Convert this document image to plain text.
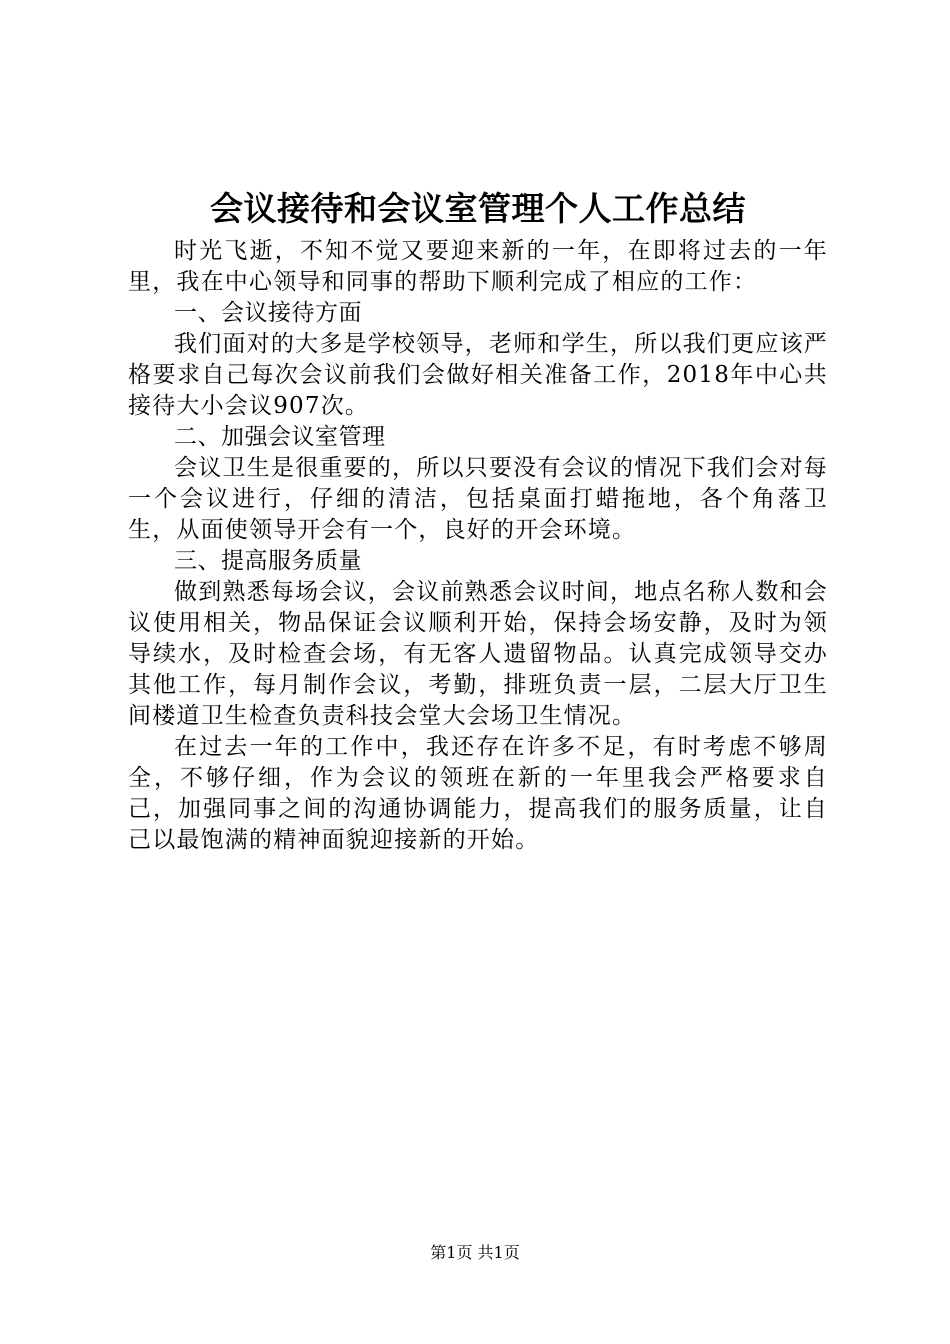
会议接待和会议室管理个人工作总结

时光飞逝，不知不觉又要迎来新的一年，在即将过去的一年里，我在中心领导和同事的帮助下顺利完成了相应的工作：

一、会议接待方面

我们面对的大多是学校领导，老师和学生，所以我们更应该严格要求自己每次会议前我们会做好相关准备工作，2018年中心共接待大小会议907次。

二、加强会议室管理

会议卫生是很重要的，所以只要没有会议的情况下我们会对每一个会议进行，仔细的清洁，包括桌面打蜡拖地，各个角落卫生，从面使领导开会有一个，良好的开会环境。

三、提高服务质量

做到熟悉每场会议，会议前熟悉会议时间，地点名称人数和会议使用相关，物品保证会议顺利开始，保持会场安静，及时为领导续水，及时检查会场，有无客人遗留物品。认真完成领导交办其他工作，每月制作会议，考勤，排班负责一层，二层大厅卫生间楼道卫生检查负责科技会堂大会场卫生情况。

在过去一年的工作中，我还存在许多不足，有时考虑不够周全，不够仔细，作为会议的领班在新的一年里我会严格要求自己，加强同事之间的沟通协调能力，提高我们的服务质量，让自己以最饱满的精神面貌迎接新的开始。

第1页 共1页
